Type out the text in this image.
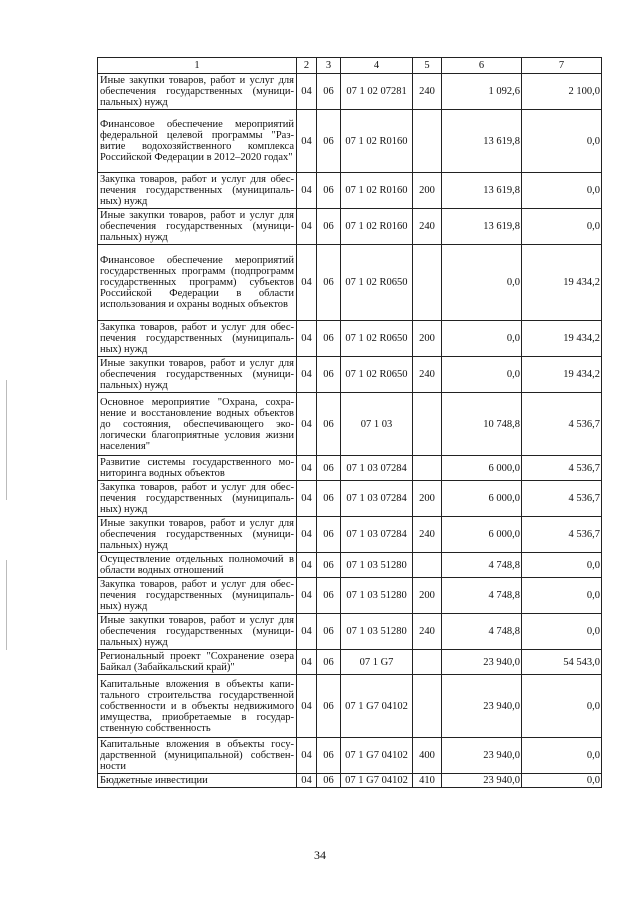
1	2	3	4	5	6	7
Иные закупки товаров, работ и услуг для обеспечения государственных (муниципальных) нужд	04	06	07 1 02 07281	240	1 092,6	2 100,0
Финансовое обеспечение мероприятий федеральной целевой программы "Развитие водохозяйственного комплекса Российской Федерации в 2012–2020 годах"	04	06	07 1 02 R0160		13 619,8	0,0
Закупка товаров, работ и услуг для обеспечения государственных (муниципальных) нужд	04	06	07 1 02 R0160	200	13 619,8	0,0
Иные закупки товаров, работ и услуг для обеспечения государственных (муниципальных) нужд	04	06	07 1 02 R0160	240	13 619,8	0,0
Финансовое обеспечение мероприятий государственных программ (подпрограмм государственных программ) субъектов Российской Федерации в области использования и охраны водных объектов	04	06	07 1 02 R0650		0,0	19 434,2
Закупка товаров, работ и услуг для обеспечения государственных (муниципальных) нужд	04	06	07 1 02 R0650	200	0,0	19 434,2
Иные закупки товаров, работ и услуг для обеспечения государственных (муниципальных) нужд	04	06	07 1 02 R0650	240	0,0	19 434,2
Основное мероприятие "Охрана, сохранение и восстановление водных объектов до состояния, обеспечивающего экологически благоприятные условия жизни населения"	04	06	07 1 03		10 748,8	4 536,7
Развитие системы государственного мониторинга водных объектов	04	06	07 1 03 07284		6 000,0	4 536,7
Закупка товаров, работ и услуг для обеспечения государственных (муниципальных) нужд	04	06	07 1 03 07284	200	6 000,0	4 536,7
Иные закупки товаров, работ и услуг для обеспечения государственных (муниципальных) нужд	04	06	07 1 03 07284	240	6 000,0	4 536,7
Осуществление отдельных полномочий в области водных отношений	04	06	07 1 03 51280		4 748,8	0,0
Закупка товаров, работ и услуг для обеспечения государственных (муниципальных) нужд	04	06	07 1 03 51280	200	4 748,8	0,0
Иные закупки товаров, работ и услуг для обеспечения государственных (муниципальных) нужд	04	06	07 1 03 51280	240	4 748,8	0,0
Региональный проект "Сохранение озера Байкал (Забайкальский край)"	04	06	07 1 G7		23 940,0	54 543,0
Капитальные вложения в объекты капитального строительства государственной собственности и в объекты недвижимого имущества, приобретаемые в государственную собственность	04	06	07 1 G7 04102		23 940,0	0,0
Капитальные вложения в объекты государственной (муниципальной) собственности	04	06	07 1 G7 04102	400	23 940,0	0,0
Бюджетные инвестиции	04	06	07 1 G7 04102	410	23 940,0	0,0
34
